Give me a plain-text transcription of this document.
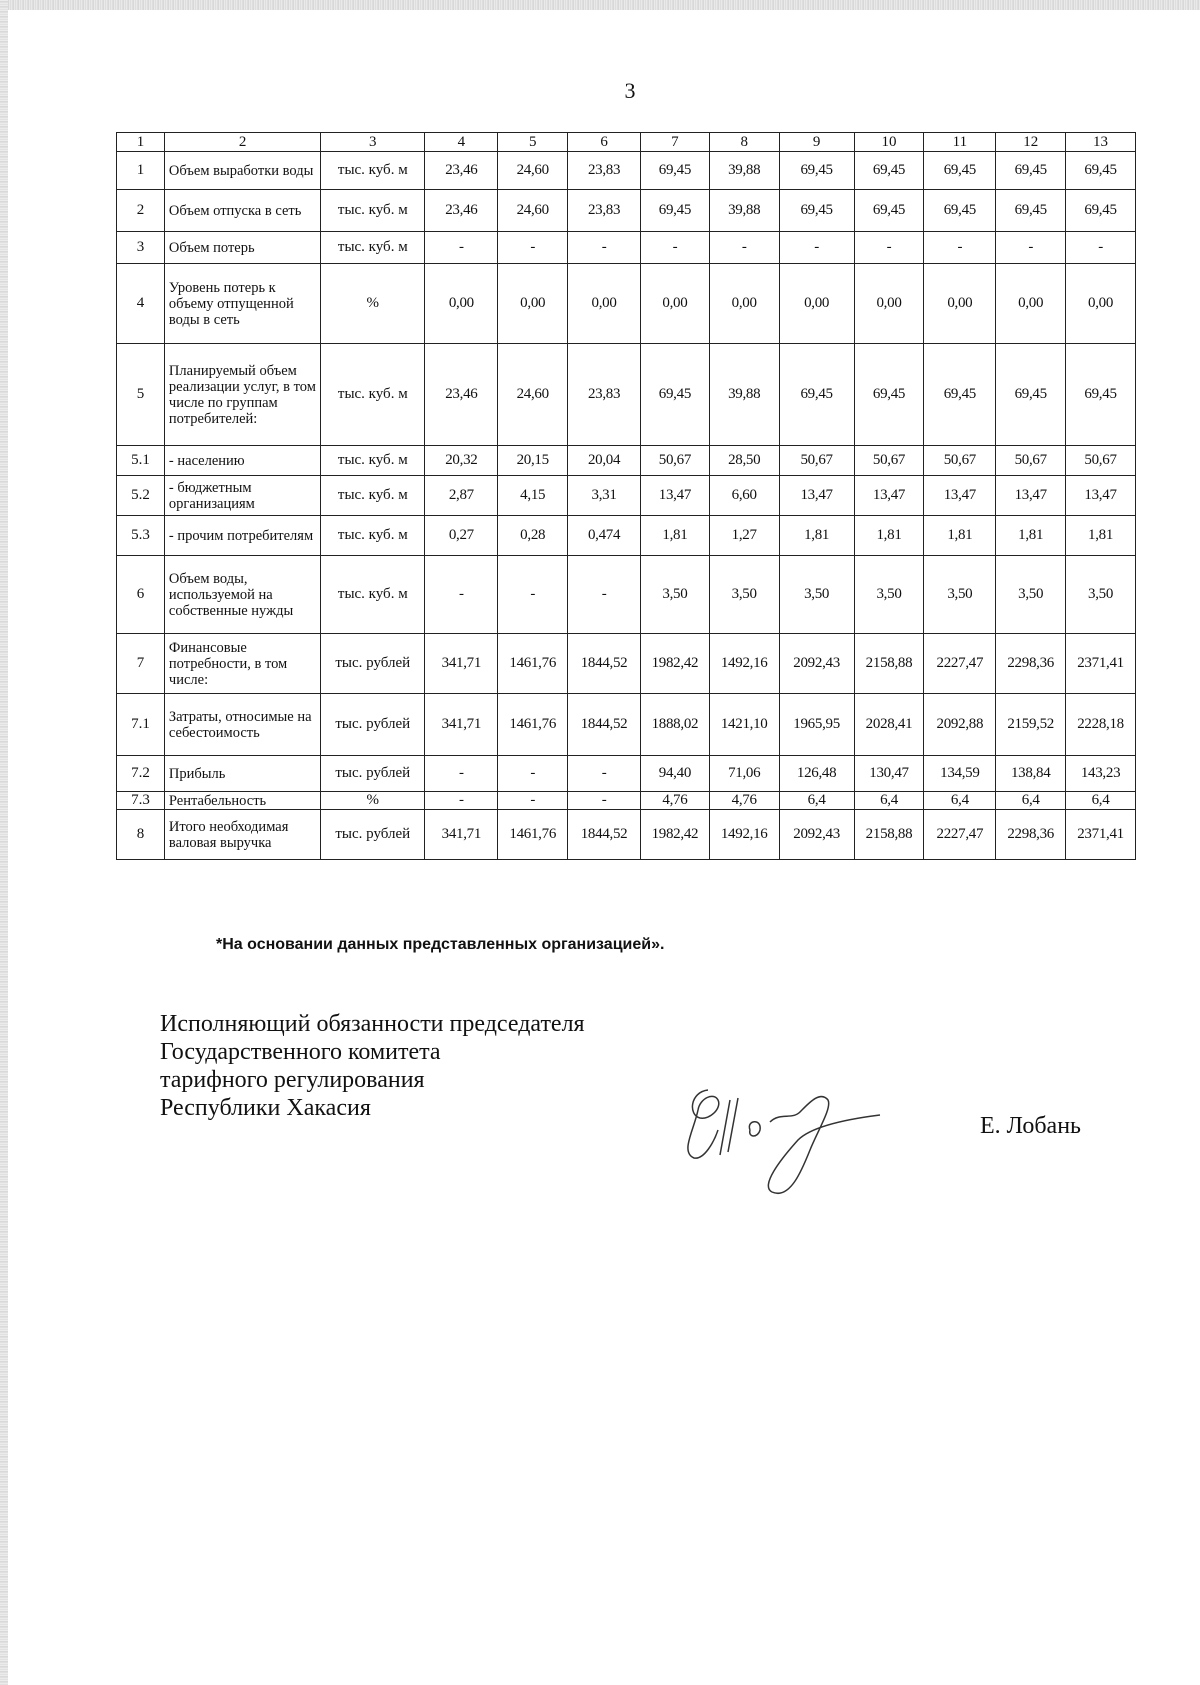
3
1	2	3	4	5	6	7	8	9	10	11	12	13
1	Объем выработки воды	тыс. куб. м	23,46	24,60	23,83	69,45	39,88	69,45	69,45	69,45	69,45	69,45
2	Объем отпуска в сеть	тыс. куб. м	23,46	24,60	23,83	69,45	39,88	69,45	69,45	69,45	69,45	69,45
3	Объем потерь	тыс. куб. м	-	-	-	-	-	-	-	-	-	-
4	Уровень потерь к объему отпущенной воды в сеть	%	0,00	0,00	0,00	0,00	0,00	0,00	0,00	0,00	0,00	0,00
5	Планируемый объем реализации услуг, в том числе по группам потребителей:	тыс. куб. м	23,46	24,60	23,83	69,45	39,88	69,45	69,45	69,45	69,45	69,45
5.1	- населению	тыс. куб. м	20,32	20,15	20,04	50,67	28,50	50,67	50,67	50,67	50,67	50,67
5.2	- бюджетным организациям	тыс. куб. м	2,87	4,15	3,31	13,47	6,60	13,47	13,47	13,47	13,47	13,47
5.3	- прочим потребителям	тыс. куб. м	0,27	0,28	0,474	1,81	1,27	1,81	1,81	1,81	1,81	1,81
6	Объем воды, используемой на собственные нужды	тыс. куб. м	-	-	-	3,50	3,50	3,50	3,50	3,50	3,50	3,50
7	Финансовые потребности, в том числе:	тыс. рублей	341,71	1461,76	1844,52	1982,42	1492,16	2092,43	2158,88	2227,47	2298,36	2371,41
7.1	Затраты, относимые на себестоимость	тыс. рублей	341,71	1461,76	1844,52	1888,02	1421,10	1965,95	2028,41	2092,88	2159,52	2228,18
7.2	Прибыль	тыс. рублей	-	-	-	94,40	71,06	126,48	130,47	134,59	138,84	143,23
7.3	Рентабельность	%	-	-	-	4,76	4,76	6,4	6,4	6,4	6,4	6,4
8	Итого необходимая валовая выручка	тыс. рублей	341,71	1461,76	1844,52	1982,42	1492,16	2092,43	2158,88	2227,47	2298,36	2371,41
*На основании данных представленных организацией».
Исполняющий обязанности председателя
Государственного комитета
тарифного регулирования
Республики Хакасия
Е. Лобань
